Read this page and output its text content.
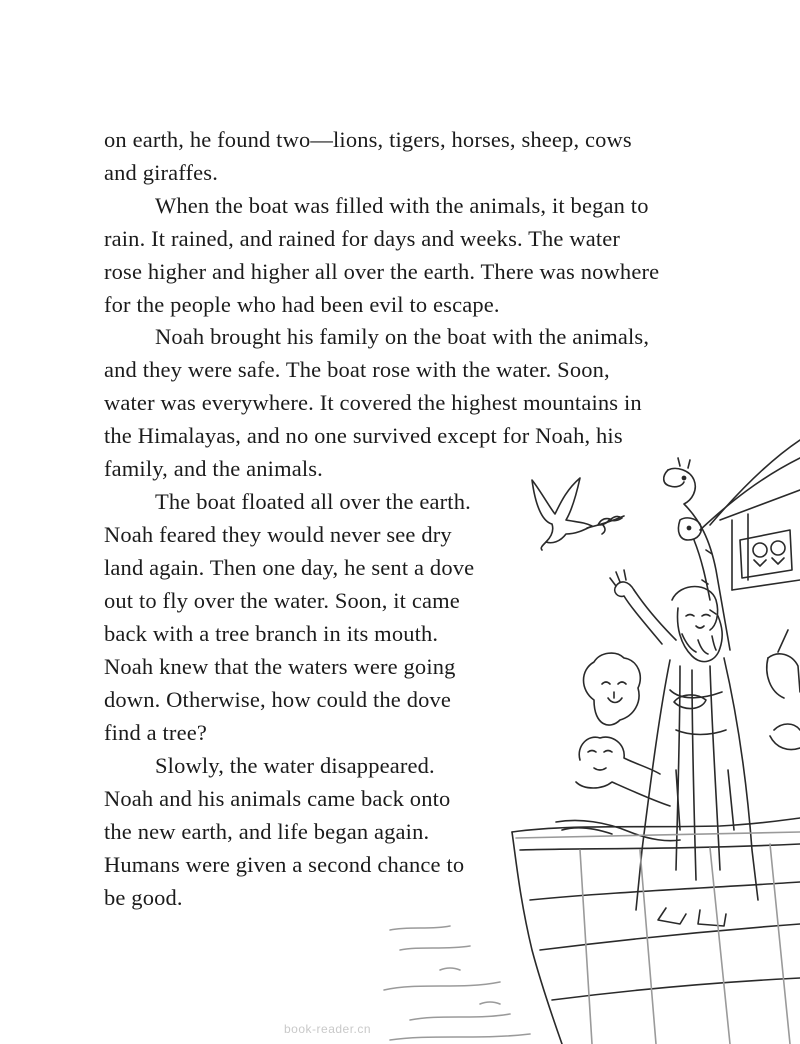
on earth, he found two—lions, tigers, horses, sheep, cows
and giraffes.
When the boat was filled with the animals, it began to
rain. It rained, and rained for days and weeks. The water
rose higher and higher all over the earth. There was nowhere
for the people who had been evil to escape.
Noah brought his family on the boat with the animals,
and they were safe. The boat rose with the water. Soon,
water was everywhere. It covered the highest mountains in
the Himalayas, and no one survived except for Noah, his
family, and the animals.
The boat floated all over the earth.
Noah feared they would never see dry
land again. Then one day, he sent a dove
out to fly over the water. Soon, it came
back with a tree branch in its mouth.
Noah knew that the waters were going
down. Otherwise, how could the dove
find a tree?
Slowly, the water disappeared.
Noah and his animals came back onto
the new earth, and life began again.
Humans were given a second chance to
be good.
book-reader.cn
